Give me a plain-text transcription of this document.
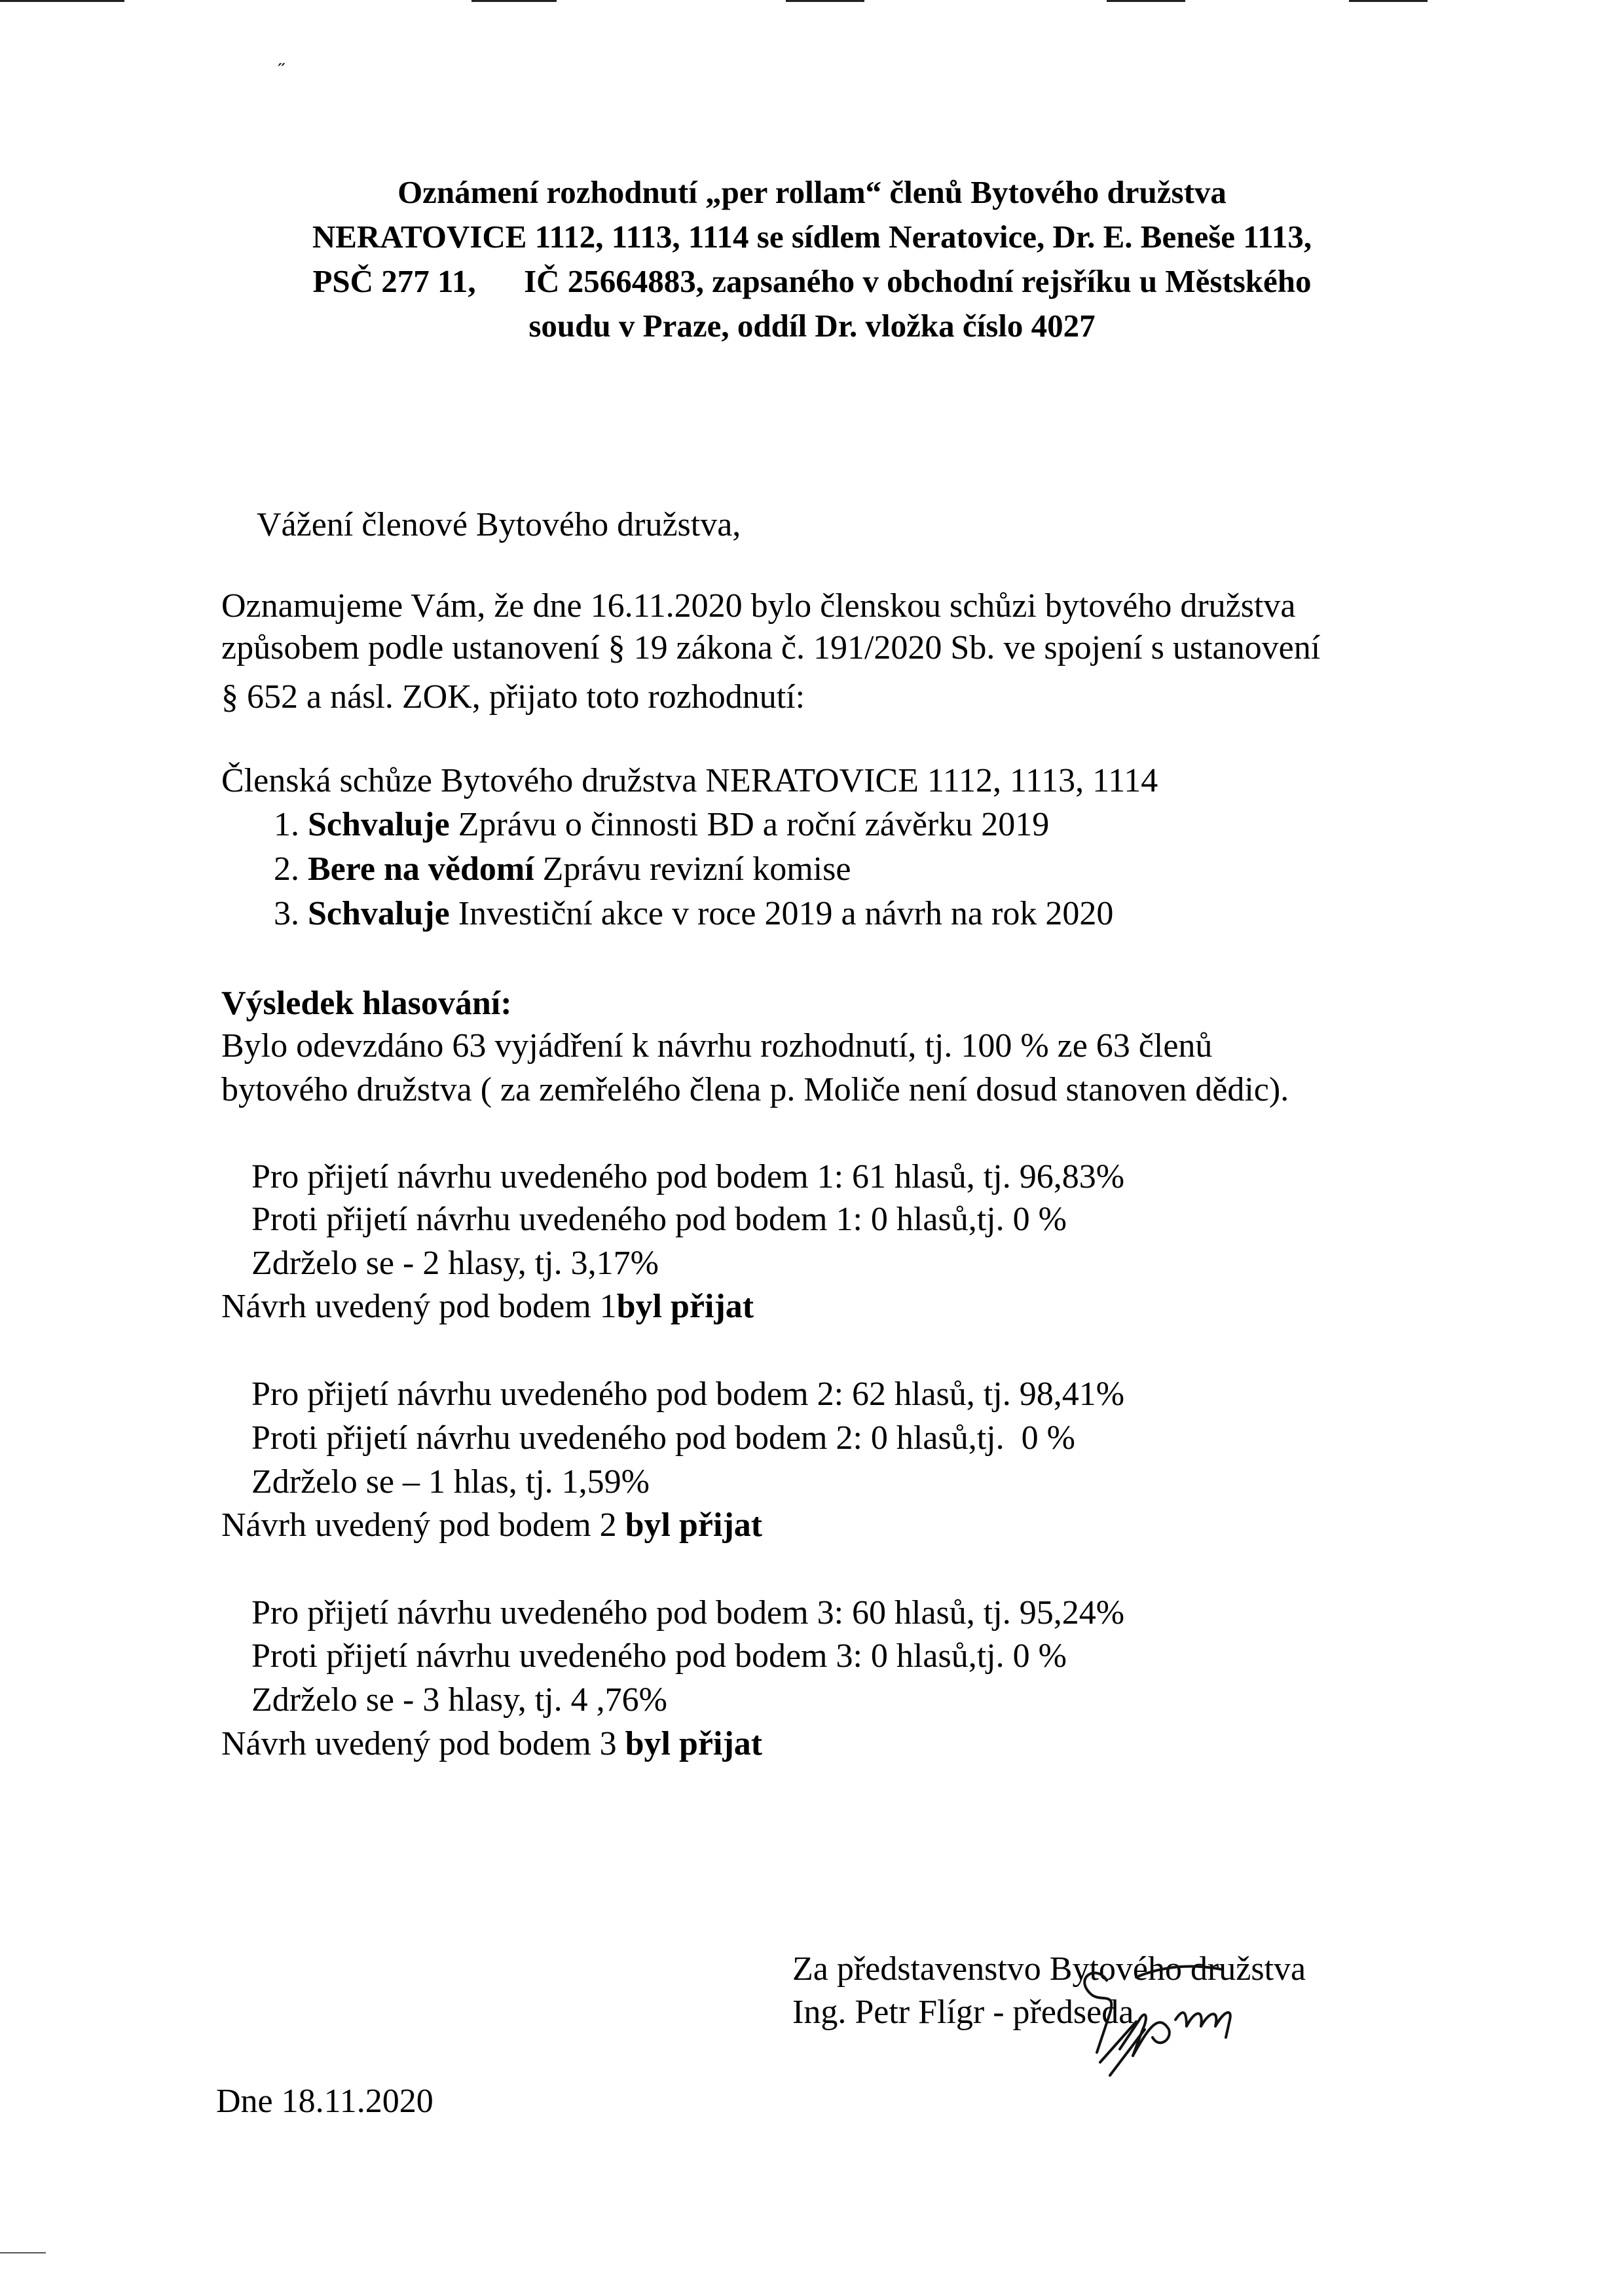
˶
Oznámení rozhodnutí „per rollam“ členů Bytového družstva
NERATOVICE 1112, 1113, 1114 se sídlem Neratovice, Dr. E. Beneše 1113,
PSČ 277 11,      IČ 25664883, zapsaného v obchodní rejsříku u Městského
soudu v Praze, oddíl Dr. vložka číslo 4027
Vážení členové Bytového družstva,
Oznamujeme Vám, že dne 16.11.2020 bylo členskou schůzi bytového družstva
způsobem podle ustanovení § 19 zákona č. 191/2020 Sb. ve spojení s ustanovení
§ 652 a násl. ZOK, přijato toto rozhodnutí:
Členská schůze Bytového družstva NERATOVICE 1112, 1113, 1114
1. Schvaluje Zprávu o činnosti BD a roční závěrku 2019
2. Bere na vědomí Zprávu revizní komise
3. Schvaluje Investiční akce v roce 2019 a návrh na rok 2020
Výsledek hlasování:
Bylo odevzdáno 63 vyjádření k návrhu rozhodnutí, tj. 100 % ze 63 členů
bytového družstva ( za zemřelého člena p. Moliče není dosud stanoven dědic).
Pro přijetí návrhu uvedeného pod bodem 1: 61 hlasů, tj. 96,83%
Proti přijetí návrhu uvedeného pod bodem 1: 0 hlasů,tj. 0 %
Zdrželo se - 2 hlasy, tj. 3,17%
Návrh uvedený pod bodem 1byl přijat
Pro přijetí návrhu uvedeného pod bodem 2: 62 hlasů, tj. 98,41%
Proti přijetí návrhu uvedeného pod bodem 2: 0 hlasů,tj.  0 %
Zdrželo se – 1 hlas, tj. 1,59%
Návrh uvedený pod bodem 2 byl přijat
Pro přijetí návrhu uvedeného pod bodem 3: 60 hlasů, tj. 95,24%
Proti přijetí návrhu uvedeného pod bodem 3: 0 hlasů,tj. 0 %
Zdrželo se - 3 hlasy, tj. 4 ,76%
Návrh uvedený pod bodem 3 byl přijat
Za představenstvo Bytového družstva
Ing. Petr Flígr - předseda
Dne 18.11.2020
